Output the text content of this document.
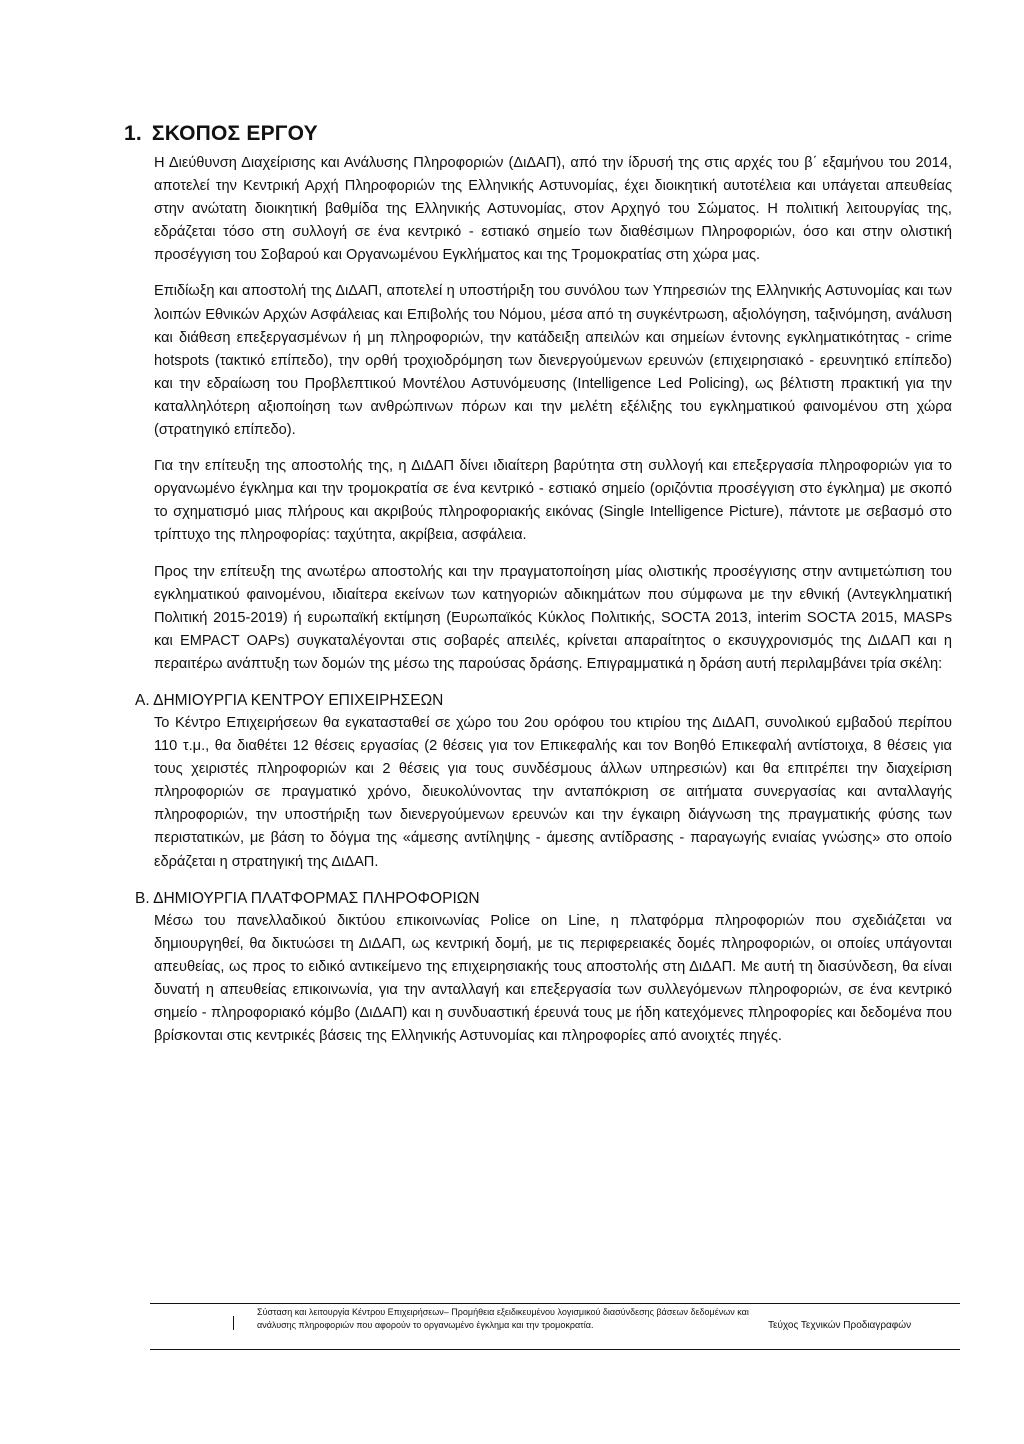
1. ΣΚΟΠΟΣ ΕΡΓΟΥ

Η Διεύθυνση Διαχείρισης και Ανάλυσης Πληροφοριών (ΔιΔΑΠ), από την ίδρυσή της στις αρχές του β΄ εξαμήνου του 2014, αποτελεί την Κεντρική Αρχή Πληροφοριών της Ελληνικής Αστυνομίας, έχει διοικητική αυτοτέλεια και υπάγεται απευθείας στην ανώτατη διοικητική βαθμίδα της Ελληνικής Αστυνομίας, στον Αρχηγό του Σώματος. Η πολιτική λειτουργίας της, εδράζεται τόσο στη συλλογή σε ένα κεντρικό - εστιακό σημείο των διαθέσιμων Πληροφοριών, όσο και στην ολιστική προσέγγιση του Σοβαρού και Οργανωμένου Εγκλήματος και της Τρομοκρατίας στη χώρα μας.

Επιδίωξη και αποστολή της ΔιΔΑΠ, αποτελεί η υποστήριξη του συνόλου των Υπηρεσιών της Ελληνικής Αστυνομίας και των λοιπών Εθνικών Αρχών Ασφάλειας και Επιβολής του Νόμου, μέσα από τη συγκέντρωση, αξιολόγηση, ταξινόμηση, ανάλυση και διάθεση επεξεργασμένων ή μη πληροφοριών, την κατάδειξη απειλών και σημείων έντονης εγκληματικότητας - crime hotspots (τακτικό επίπεδο), την ορθή τροχιοδρόμηση των διενεργούμενων ερευνών (επιχειρησιακό - ερευνητικό επίπεδο) και την εδραίωση του Προβλεπτικού Μοντέλου Αστυνόμευσης (Intelligence Led Policing), ως βέλτιστη πρακτική για την καταλληλότερη αξιοποίηση των ανθρώπινων πόρων και την μελέτη εξέλιξης του εγκληματικού φαινομένου στη χώρα (στρατηγικό επίπεδο).

Για την επίτευξη της αποστολής της, η ΔιΔΑΠ δίνει ιδιαίτερη βαρύτητα στη συλλογή και επεξεργασία πληροφοριών για το οργανωμένο έγκλημα και την τρομοκρατία σε ένα κεντρικό - εστιακό σημείο (οριζόντια προσέγγιση στο έγκλημα) με σκοπό το σχηματισμό μιας πλήρους και ακριβούς πληροφοριακής εικόνας (Single Intelligence Picture), πάντοτε με σεβασμό στο τρίπτυχο της πληροφορίας: ταχύτητα, ακρίβεια, ασφάλεια.

Προς την επίτευξη της ανωτέρω αποστολής και την πραγματοποίηση μίας ολιστικής προσέγγισης στην αντιμετώπιση του εγκληματικού φαινομένου, ιδιαίτερα εκείνων των κατηγοριών αδικημάτων που σύμφωνα με την εθνική (Αντεγκληματική Πολιτική 2015-2019) ή ευρωπαϊκή εκτίμηση (Ευρωπαϊκός Κύκλος Πολιτικής, SOCTA 2013, interim SOCTA 2015, MASPs και EMPACT OAPs) συγκαταλέγονται στις σοβαρές απειλές, κρίνεται απαραίτητος ο εκσυγχρονισμός της ΔιΔΑΠ και η περαιτέρω ανάπτυξη των δομών της μέσω της παρούσας δράσης. Επιγραμματικά η δράση αυτή περιλαμβάνει τρία σκέλη:

Α. ΔΗΜΙΟΥΡΓΙΑ ΚΕΝΤΡΟΥ ΕΠΙΧΕΙΡΗΣΕΩΝ

Το Κέντρο Επιχειρήσεων θα εγκατασταθεί σε χώρο του 2ου ορόφου του κτιρίου της ΔιΔΑΠ, συνολικού εμβαδού περίπου 110 τ.μ., θα διαθέτει 12 θέσεις εργασίας (2 θέσεις για τον Επικεφαλής και τον Βοηθό Επικεφαλή αντίστοιχα, 8 θέσεις για τους χειριστές πληροφοριών και 2 θέσεις για τους συνδέσμους άλλων υπηρεσιών) και θα επιτρέπει την διαχείριση πληροφοριών σε πραγματικό χρόνο, διευκολύνοντας την ανταπόκριση σε αιτήματα συνεργασίας και ανταλλαγής πληροφοριών, την υποστήριξη των διενεργούμενων ερευνών και την έγκαιρη διάγνωση της πραγματικής φύσης των περιστατικών, με βάση το δόγμα της «άμεσης αντίληψης - άμεσης αντίδρασης - παραγωγής ενιαίας γνώσης» στο οποίο εδράζεται η στρατηγική της ΔιΔΑΠ.

Β. ΔΗΜΙΟΥΡΓΙΑ ΠΛΑΤΦΟΡΜΑΣ ΠΛΗΡΟΦΟΡΙΩΝ

Μέσω του πανελλαδικού δικτύου επικοινωνίας Police on Line, η πλατφόρμα πληροφοριών που σχεδιάζεται να δημιουργηθεί, θα δικτυώσει τη ΔιΔΑΠ, ως κεντρική δομή, με τις περιφερειακές δομές πληροφοριών, οι οποίες υπάγονται απευθείας, ως προς το ειδικό αντικείμενο της επιχειρησιακής τους αποστολής στη ΔιΔΑΠ. Με αυτή τη διασύνδεση, θα είναι δυνατή η απευθείας επικοινωνία, για την ανταλλαγή και επεξεργασία των συλλεγόμενων πληροφοριών, σε ένα κεντρικό σημείο - πληροφοριακό κόμβο (ΔιΔΑΠ) και η συνδυαστική έρευνά τους με ήδη κατεχόμενες πληροφορίες και δεδομένα που βρίσκονται στις κεντρικές βάσεις της Ελληνικής Αστυνομίας και πληροφορίες από ανοιχτές πηγές.

Σύσταση και λειτουργία Κέντρου Επιχειρήσεων– Προμήθεια εξειδικευμένου λογισμικού διασύνδεσης βάσεων δεδομένων και ανάλυσης πληροφοριών που αφορούν το οργανωμένο έγκλημα και την τρομοκρατία.	Τεύχος Τεχνικών Προδιαγραφών
